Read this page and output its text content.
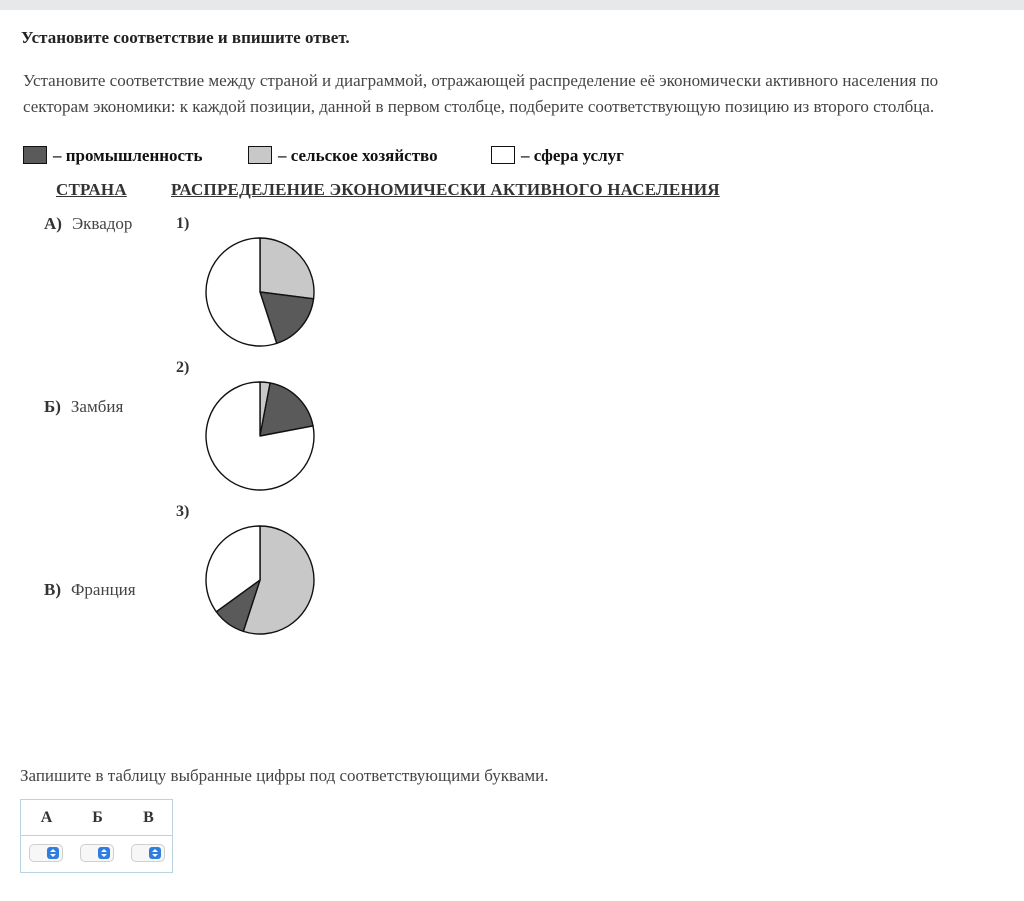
Установите соответствие и впишите ответ.
Установите соответствие между страной и диаграммой, отражающей распределение её экономически активного населения по секторам экономики: к каждой позиции, данной в первом столбце, подберите соответствующую позицию из второго столбца.
– промышленность	– сельское хозяйство	– сфера услуг
СТРАНА	РАСПРЕДЕЛЕНИЕ ЭКОНОМИЧЕСКИ АКТИВНОГО НАСЕЛЕНИЯ
А) Эквадор
Б) Замбия
В) Франция
1)
2)
3)
Запишите в таблицу выбранные цифры под соответствующими буквами.
А	Б	В
